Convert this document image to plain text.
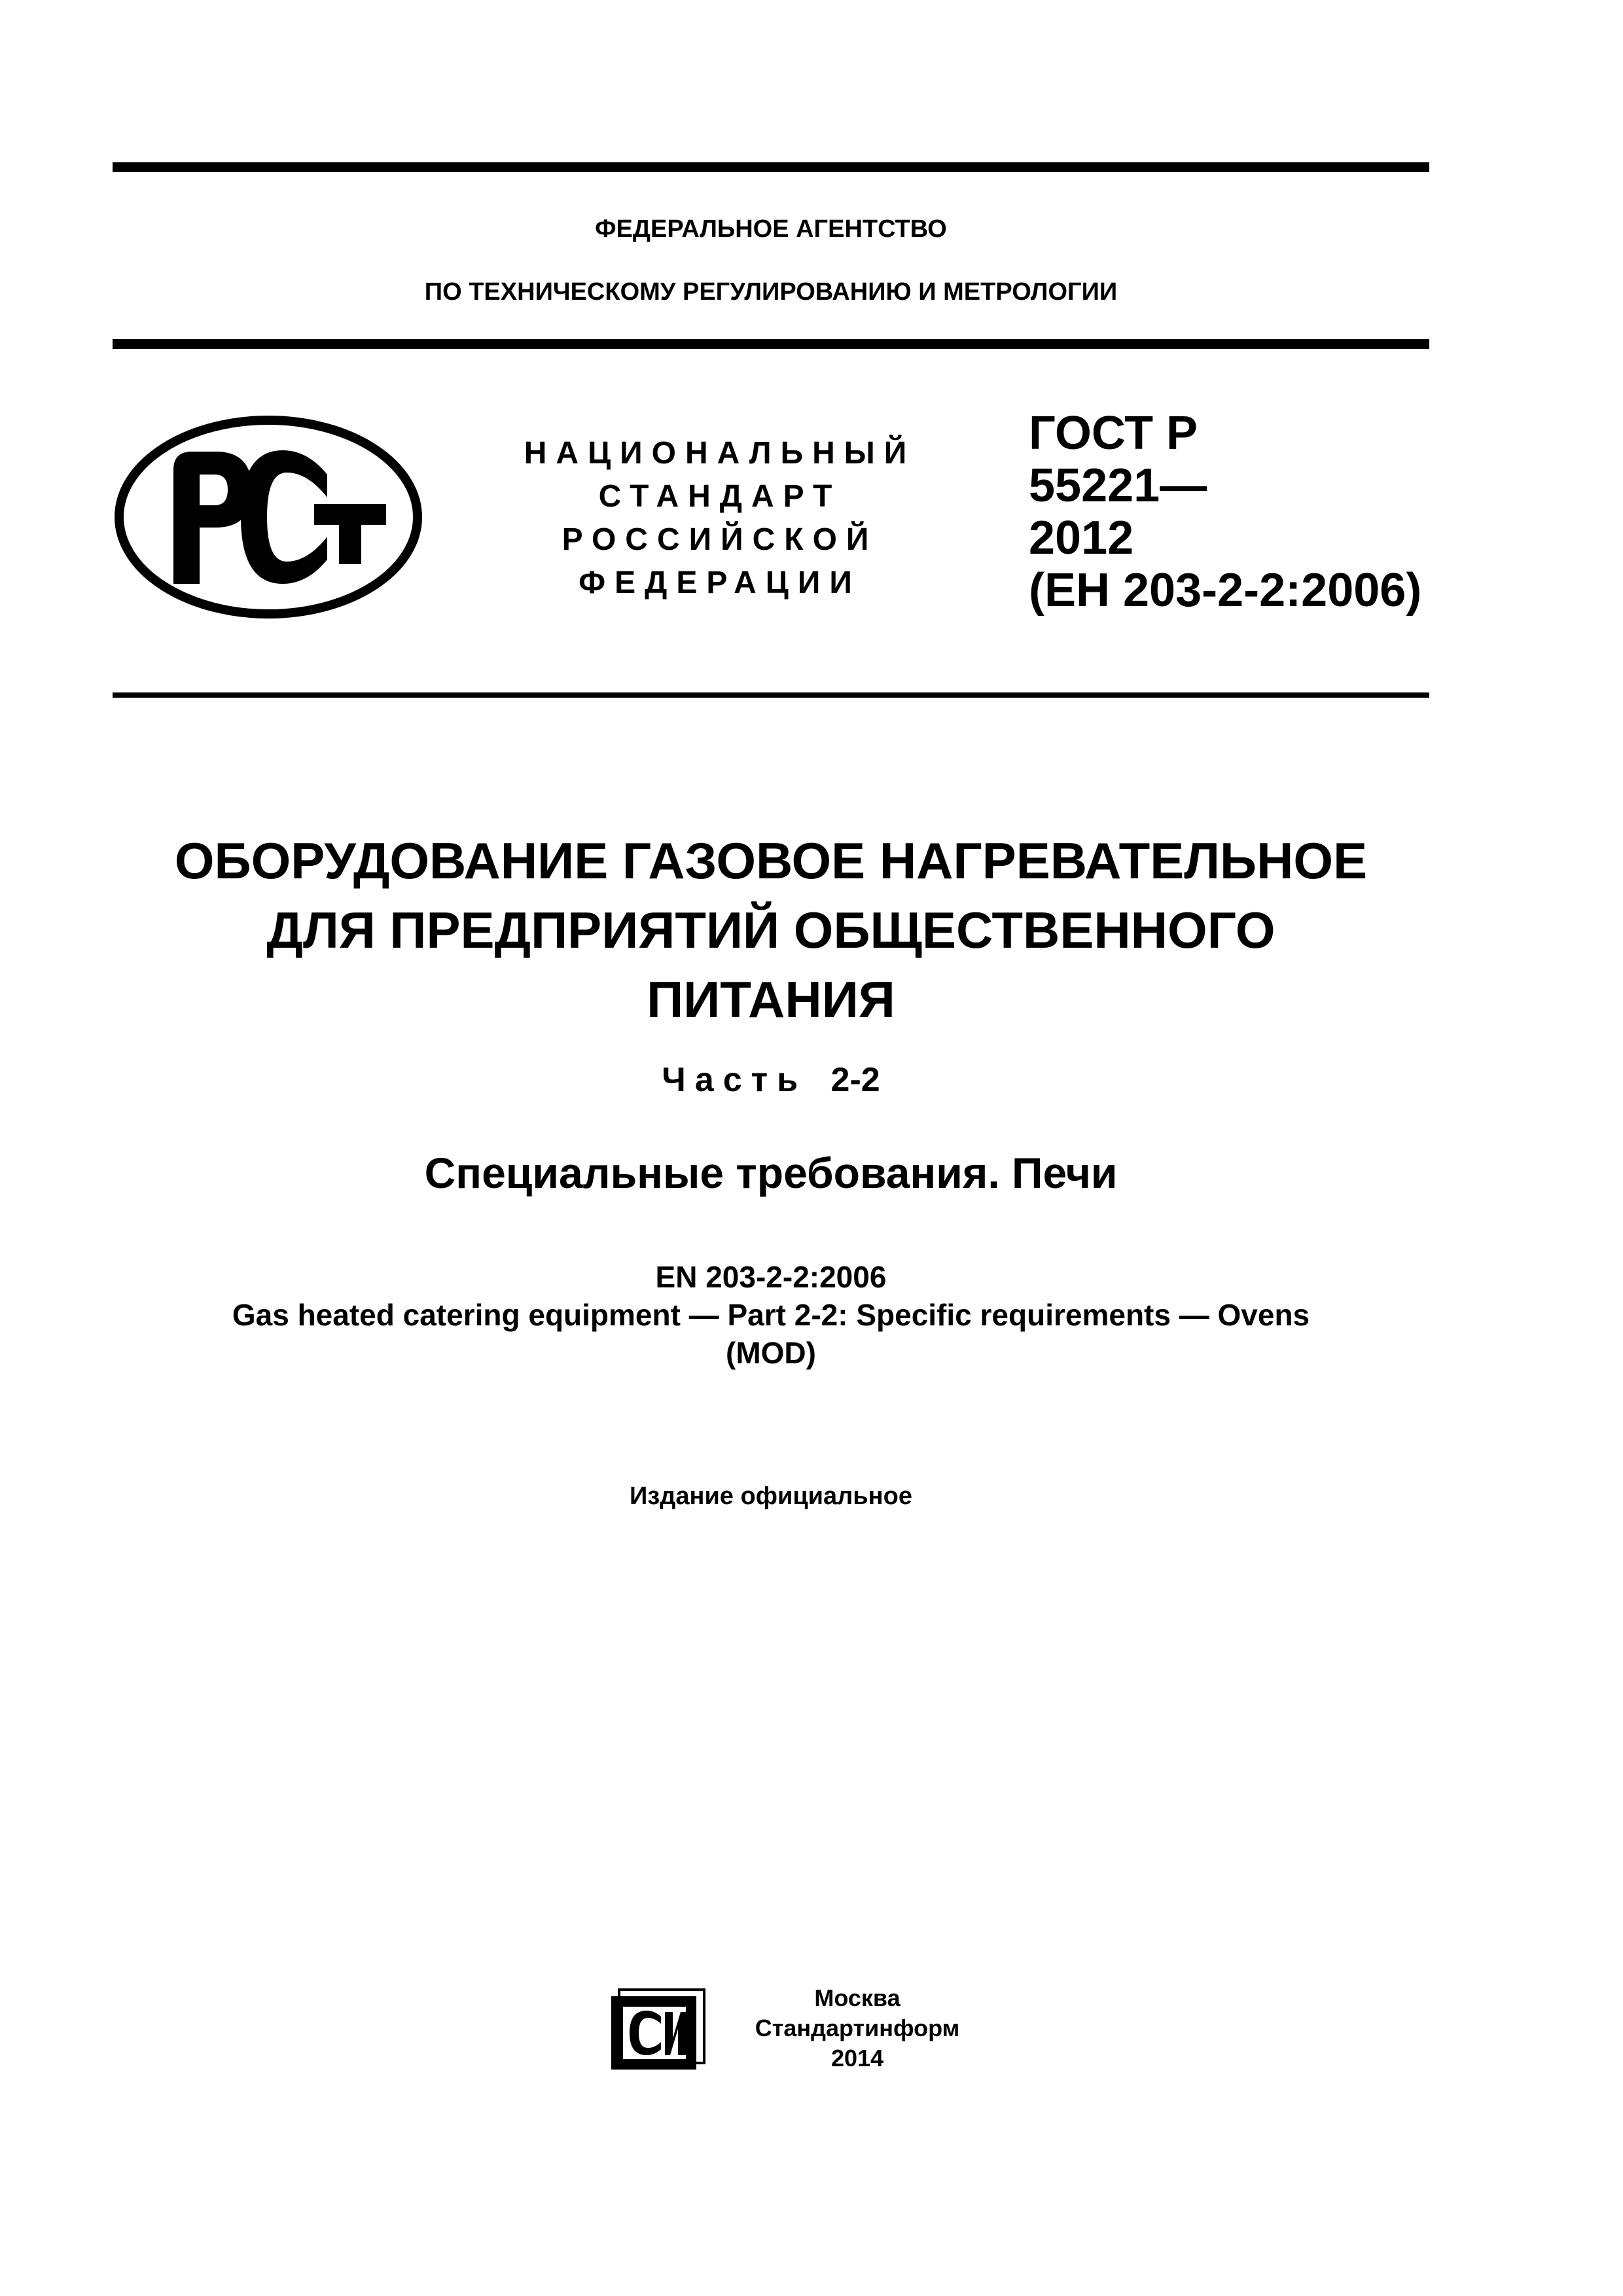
ФЕДЕРАЛЬНОЕ АГЕНТСТВО
ПО ТЕХНИЧЕСКОМУ РЕГУЛИРОВАНИЮ И МЕТРОЛОГИИ
НАЦИОНАЛЬНЫЙ
СТАНДАРТ
РОССИЙСКОЙ
ФЕДЕРАЦИИ
ГОСТ Р
55221—
2012
(ЕН 203-2-2:2006)
ОБОРУДОВАНИЕ ГАЗОВОЕ НАГРЕВАТЕЛЬНОЕ
ДЛЯ ПРЕДПРИЯТИЙ ОБЩЕСТВЕННОГО
ПИТАНИЯ
Часть 2-2
Специальные требования. Печи
EN 203-2-2:2006
Gas heated catering equipment — Part 2-2: Specific requirements — Ovens
(MOD)
Издание официальное
Москва
Стандартинформ
2014
